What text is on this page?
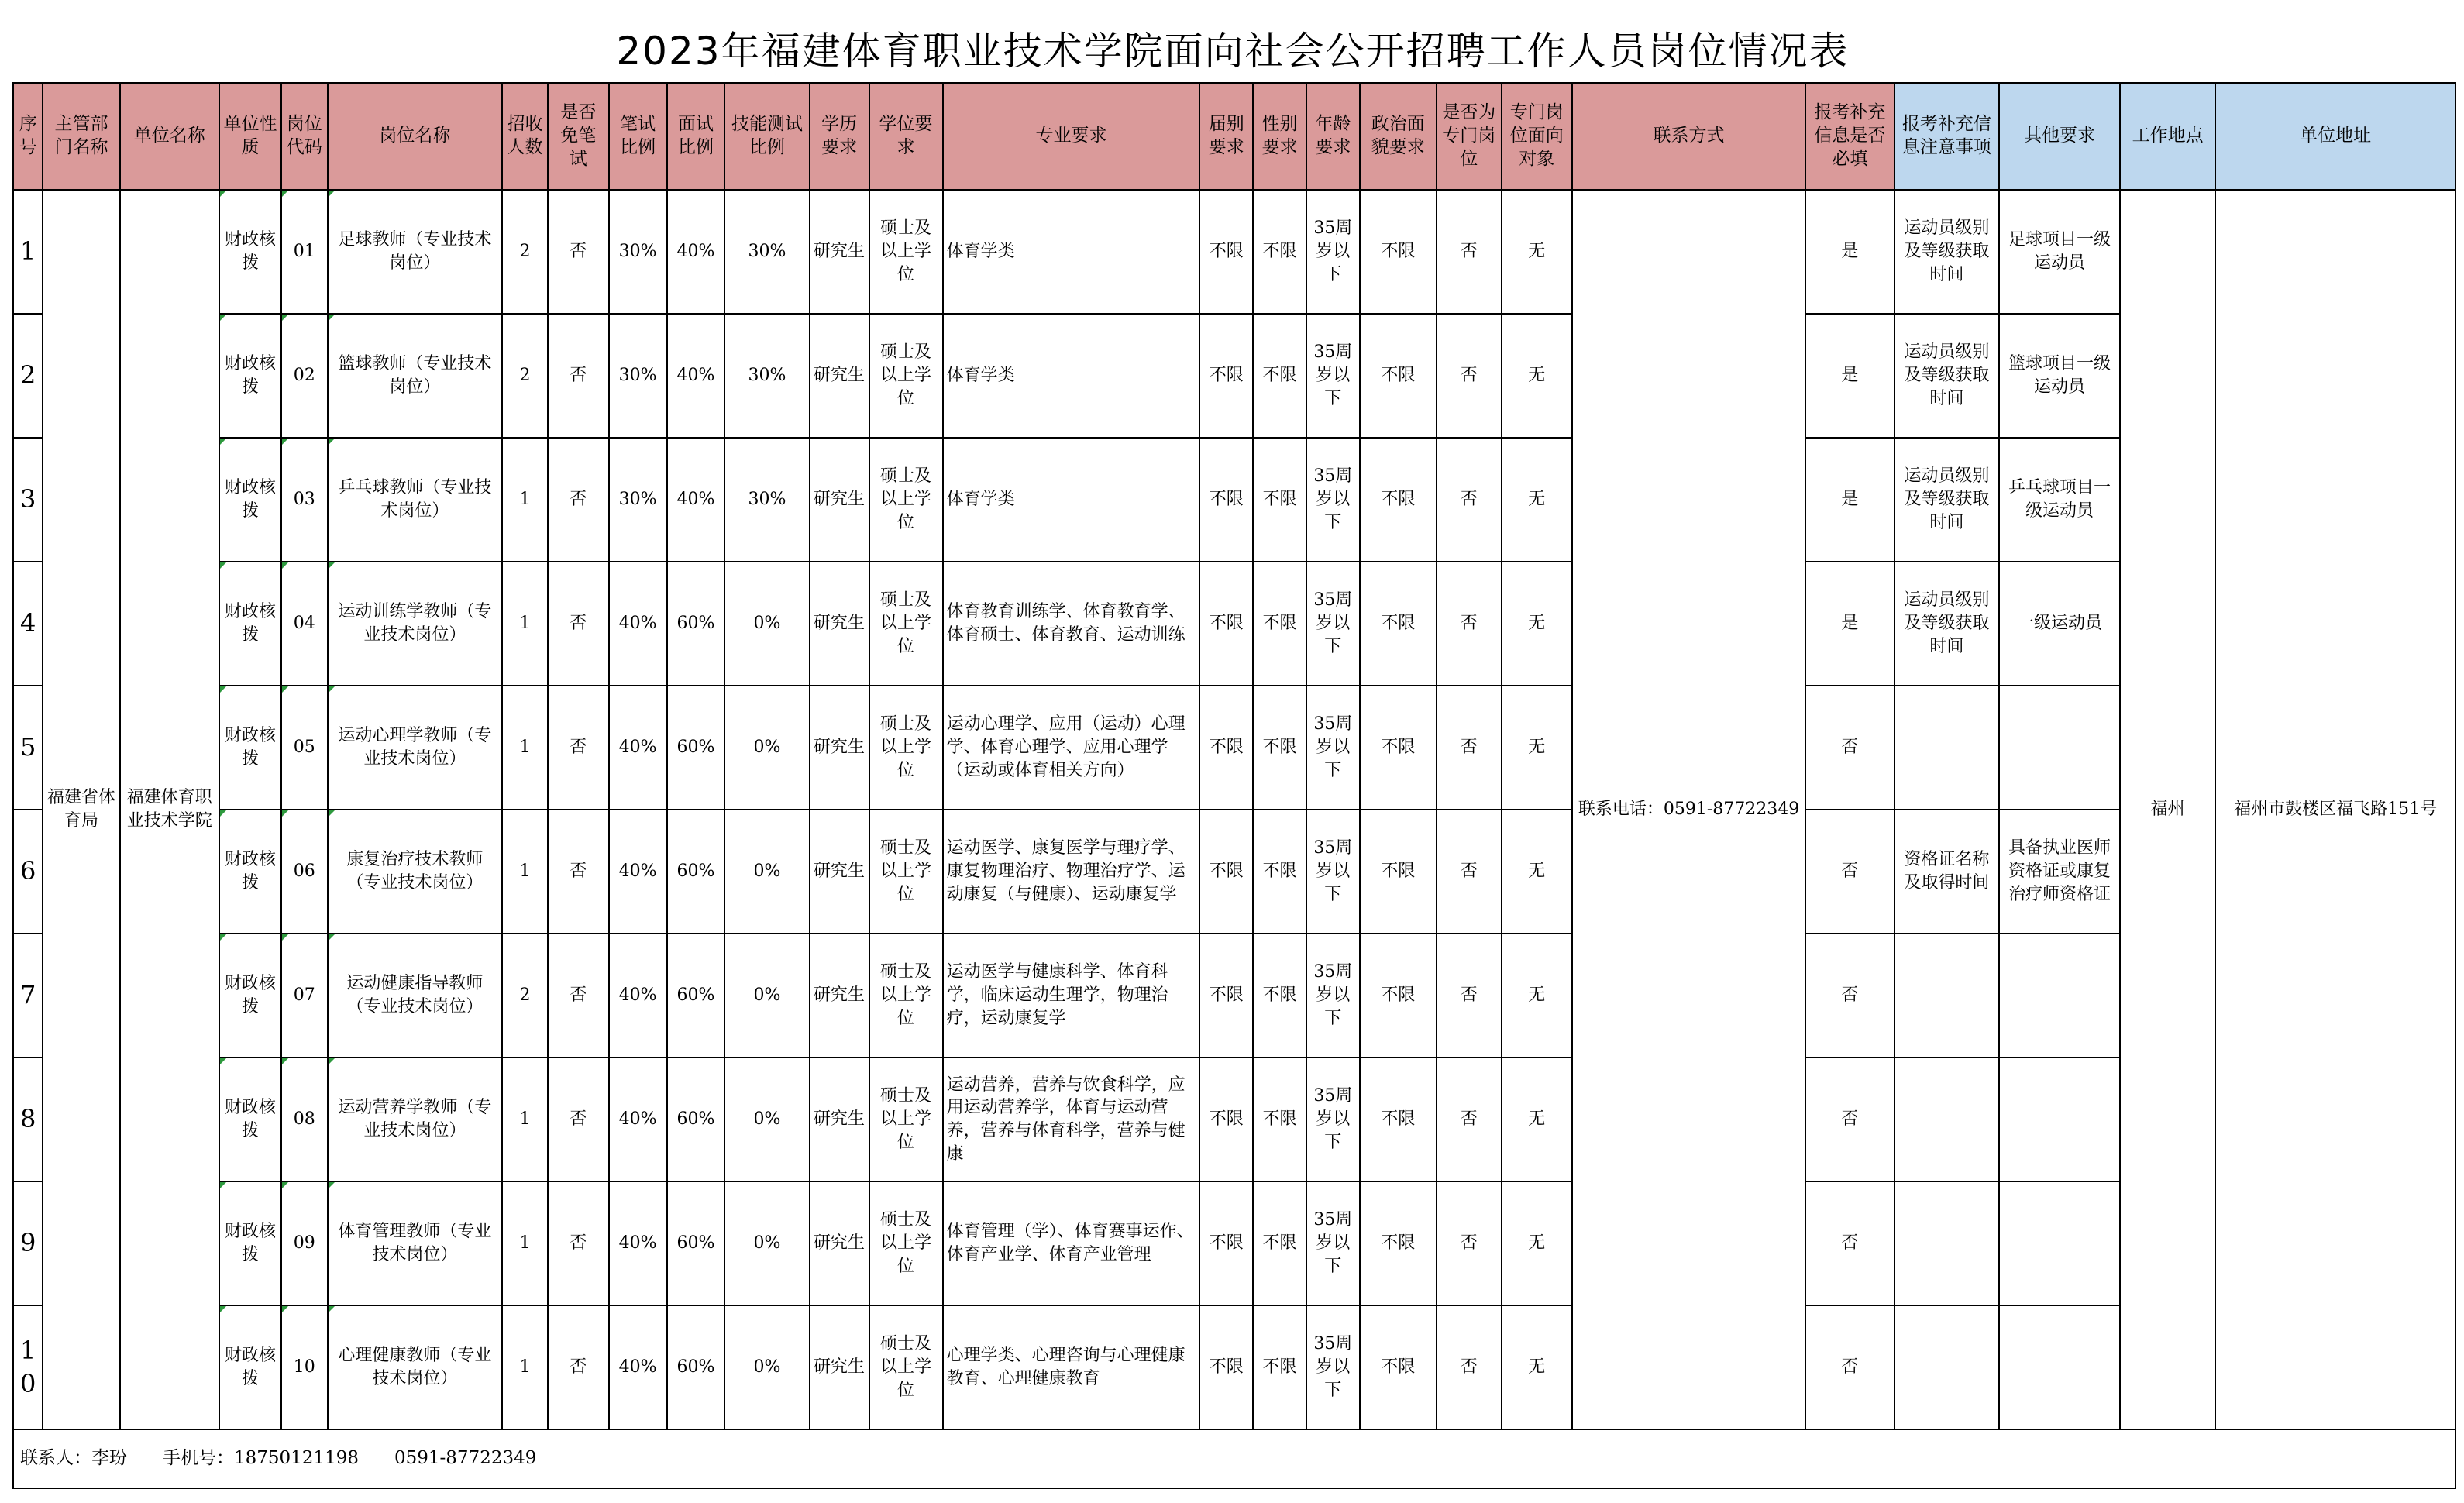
2023年福建体育职业技术学院面向社会公开招聘工作人员岗位情况表
序号	主管部门名称	单位名称	单位性质	岗位代码	岗位名称	招收人数	是否免笔试	笔试比例	面试比例	技能测试比例	学历要求	学位要求	专业要求	届别要求	性别要求	年龄要求	政治面貌要求	是否为专门岗位	专门岗位面向对象	联系方式	报考补充信息是否必填	报考补充信息注意事项	其他要求	工作地点	单位地址
1	福建省体育局	福建体育职业技术学院	财政核拨	01	足球教师（专业技术岗位）	2	否	30%	40%	30%	研究生	硕士及以上学位	体育学类	不限	不限	35周岁以下	不限	否	无	联系电话：0591-87722349	是	运动员级别及等级获取时间	足球项目一级运动员	福州	福州市鼓楼区福飞路151号
2			财政核拨	02	篮球教师（专业技术岗位）	2	否	30%	40%	30%	研究生	硕士及以上学位	体育学类	不限	不限	35周岁以下	不限	否	无		是	运动员级别及等级获取时间	篮球项目一级运动员		
3			财政核拨	03	乒乓球教师（专业技术岗位）	1	否	30%	40%	30%	研究生	硕士及以上学位	体育学类	不限	不限	35周岁以下	不限	否	无		是	运动员级别及等级获取时间	乒乓球项目一级运动员		
4			财政核拨	04	运动训练学教师（专业技术岗位）	1	否	40%	60%	0%	研究生	硕士及以上学位	体育教育训练学、体育教育学、体育硕士、体育教育、运动训练	不限	不限	35周岁以下	不限	否	无		是	运动员级别及等级获取时间	一级运动员		
5			财政核拨	05	运动心理学教师（专业技术岗位）	1	否	40%	60%	0%	研究生	硕士及以上学位	运动心理学、应用（运动）心理学、体育心理学、应用心理学（运动或体育相关方向）	不限	不限	35周岁以下	不限	否	无		否				
6			财政核拨	06	康复治疗技术教师（专业技术岗位）	1	否	40%	60%	0%	研究生	硕士及以上学位	运动医学、康复医学与理疗学、康复物理治疗、物理治疗学、运动康复（与健康）、运动康复学	不限	不限	35周岁以下	不限	否	无		否	资格证名称及取得时间	具备执业医师资格证或康复治疗师资格证		
7			财政核拨	07	运动健康指导教师（专业技术岗位）	2	否	40%	60%	0%	研究生	硕士及以上学位	运动医学与健康科学、体育科学，临床运动生理学，物理治疗，运动康复学	不限	不限	35周岁以下	不限	否	无		否				
8			财政核拨	08	运动营养学教师（专业技术岗位）	1	否	40%	60%	0%	研究生	硕士及以上学位	运动营养，营养与饮食科学，应用运动营养学，体育与运动营养，营养与体育科学，营养与健康	不限	不限	35周岁以下	不限	否	无		否				
9			财政核拨	09	体育管理教师（专业技术岗位）	1	否	40%	60%	0%	研究生	硕士及以上学位	体育管理（学）、体育赛事运作、体育产业学、体育产业管理	不限	不限	35周岁以下	不限	否	无		否				
10			财政核拨	10	心理健康教师（专业技术岗位）	1	否	40%	60%	0%	研究生	硕士及以上学位	心理学类、心理咨询与心理健康教育、心理健康教育	不限	不限	35周岁以下	不限	否	无		否				
联系人：李玢　　手机号：18750121198　　0591-87722349																									
